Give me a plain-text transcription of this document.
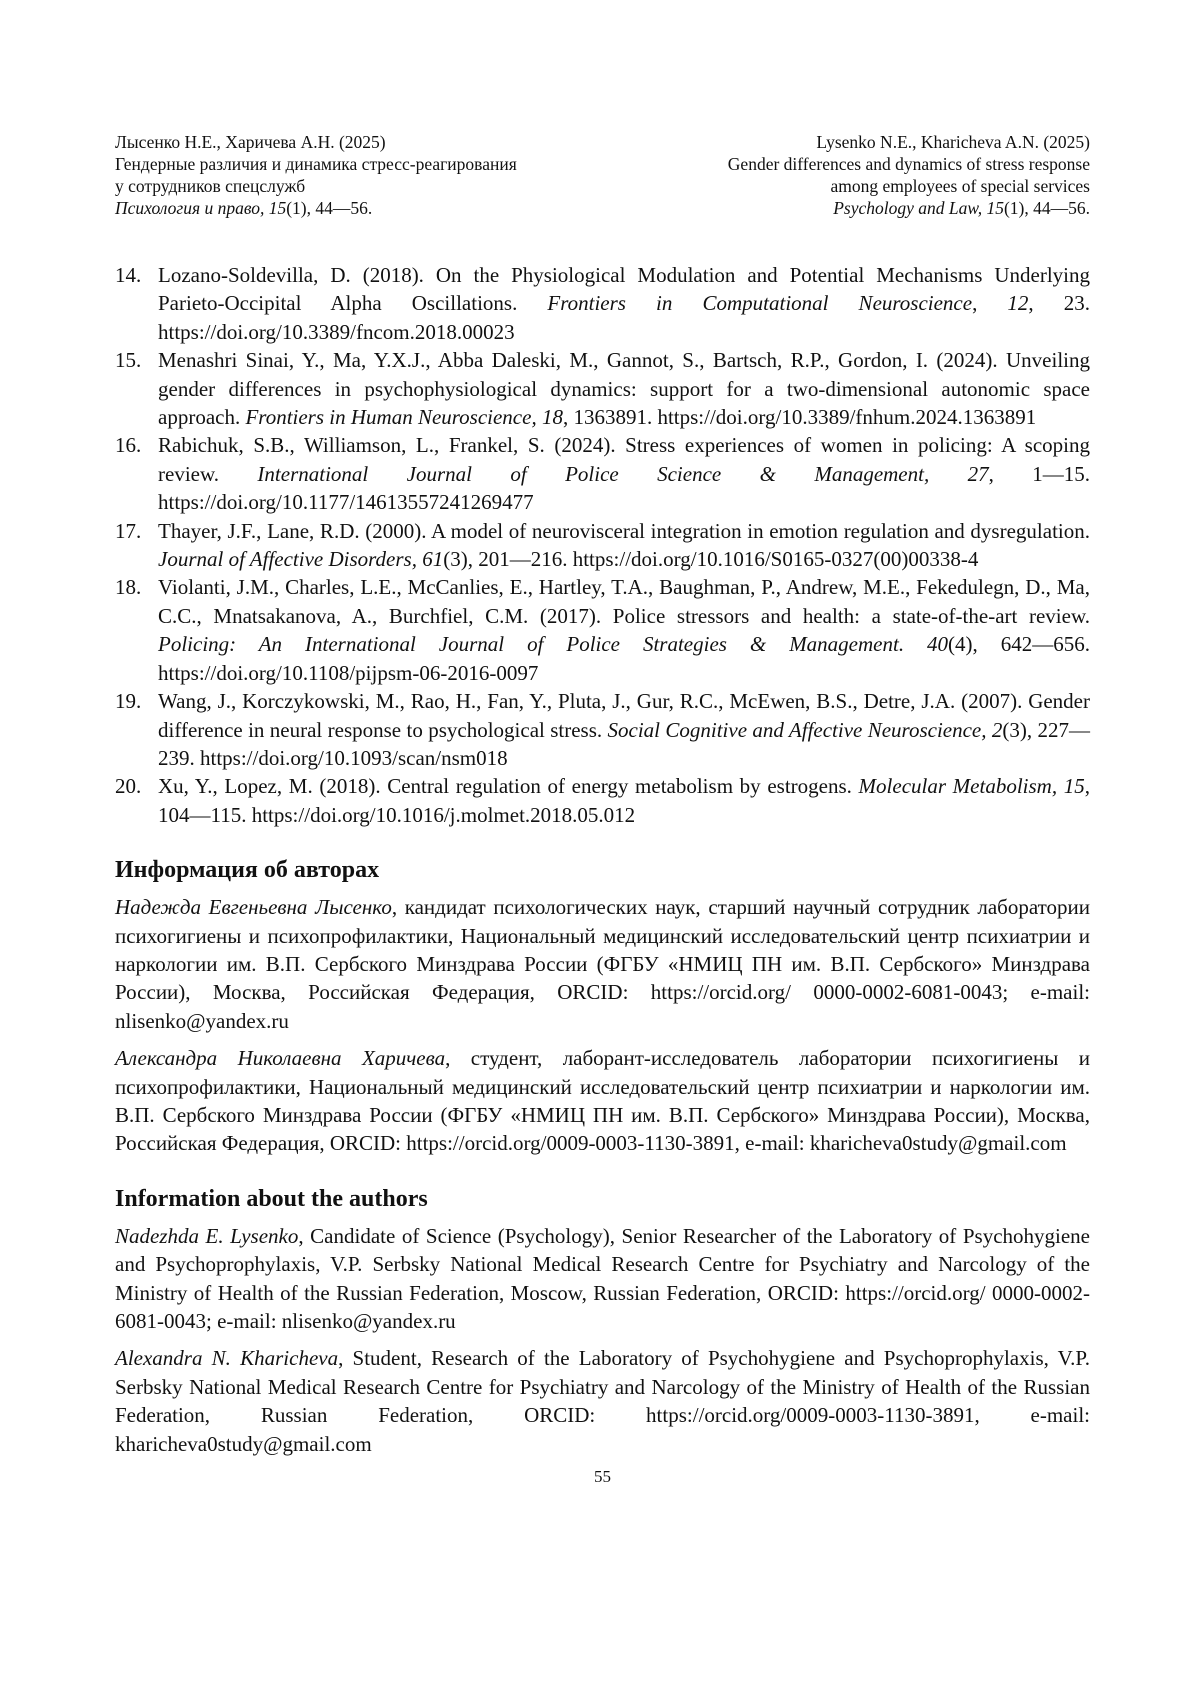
Лысенко Н.Е., Харичева А.Н. (2025)
Гендерные различия и динамика стресс-реагирования
у сотрудников спецслужб
Психология и право, 15(1), 44—56.
Lysenko N.E., Kharicheva A.N. (2025)
Gender differences and dynamics of stress response
among employees of special services
Psychology and Law, 15(1), 44—56.
14. Lozano-Soldevilla, D. (2018). On the Physiological Modulation and Potential Mechanisms Underlying Parieto-Occipital Alpha Oscillations. Frontiers in Computational Neuroscience, 12, 23. https://doi.org/10.3389/fncom.2018.00023
15. Menashri Sinai, Y., Ma, Y.X.J., Abba Daleski, M., Gannot, S., Bartsch, R.P., Gordon, I. (2024). Unveiling gender differences in psychophysiological dynamics: support for a two-dimensional autonomic space approach. Frontiers in Human Neuroscience, 18, 1363891. https://doi.org/10.3389/fnhum.2024.1363891
16. Rabichuk, S.B., Williamson, L., Frankel, S. (2024). Stress experiences of women in policing: A scoping review. International Journal of Police Science & Management, 27, 1—15. https://doi.org/10.1177/14613557241269477
17. Thayer, J.F., Lane, R.D. (2000). A model of neurovisceral integration in emotion regulation and dysregulation. Journal of Affective Disorders, 61(3), 201—216. https://doi.org/10.1016/S0165-0327(00)00338-4
18. Violanti, J.M., Charles, L.E., McCanlies, E., Hartley, T.A., Baughman, P., Andrew, M.E., Fekedulegn, D., Ma, C.C., Mnatsakanova, A., Burchfiel, C.M. (2017). Police stressors and health: a state-of-the-art review. Policing: An International Journal of Police Strategies & Management. 40(4), 642—656. https://doi.org/10.1108/pijpsm-06-2016-0097
19. Wang, J., Korczykowski, M., Rao, H., Fan, Y., Pluta, J., Gur, R.C., McEwen, B.S., Detre, J.A. (2007). Gender difference in neural response to psychological stress. Social Cognitive and Affective Neuroscience, 2(3), 227—239. https://doi.org/10.1093/scan/nsm018
20. Xu, Y., Lopez, M. (2018). Central regulation of energy metabolism by estrogens. Molecular Metabolism, 15, 104—115. https://doi.org/10.1016/j.molmet.2018.05.012
Информация об авторах

Надежда Евгеньевна Лысенко, кандидат психологических наук, старший научный сотрудник лаборатории психогигиены и психопрофилактики, Национальный медицинский исследовательский центр психиатрии и наркологии им. В.П. Сербского Минздрава России (ФГБУ «НМИЦ ПН им. В.П. Сербского» Минздрава России), Москва, Российская Федерация, ORCID: https://orcid.org/ 0000-0002-6081-0043; e-mail: nlisenko@yandex.ru

Александра Николаевна Харичева, студент, лаборант-исследователь лаборатории психогигиены и психопрофилактики, Национальный медицинский исследовательский центр психиатрии и наркологии им. В.П. Сербского Минздрава России (ФГБУ «НМИЦ ПН им. В.П. Сербского» Минздрава России), Москва, Российская Федерация, ORCID: https://orcid.org/0009-0003-1130-3891, e-mail: kharicheva0study@gmail.com

Information about the authors

Nadezhda E. Lysenko, Candidate of Science (Psychology), Senior Researcher of the Laboratory of Psychohygiene and Psychoprophylaxis, V.P. Serbsky National Medical Research Centre for Psychiatry and Narcology of the Ministry of Health of the Russian Federation, Moscow, Russian Federation, ORCID: https://orcid.org/ 0000-0002-6081-0043; e-mail: nlisenko@yandex.ru

Alexandra N. Kharicheva, Student, Research of the Laboratory of Psychohygiene and Psychoprophylaxis, V.P. Serbsky National Medical Research Centre for Psychiatry and Narcology of the Ministry of Health of the Russian Federation, Russian Federation, ORCID: https://orcid.org/0009-0003-1130-3891, e-mail: kharicheva0study@gmail.com

55
